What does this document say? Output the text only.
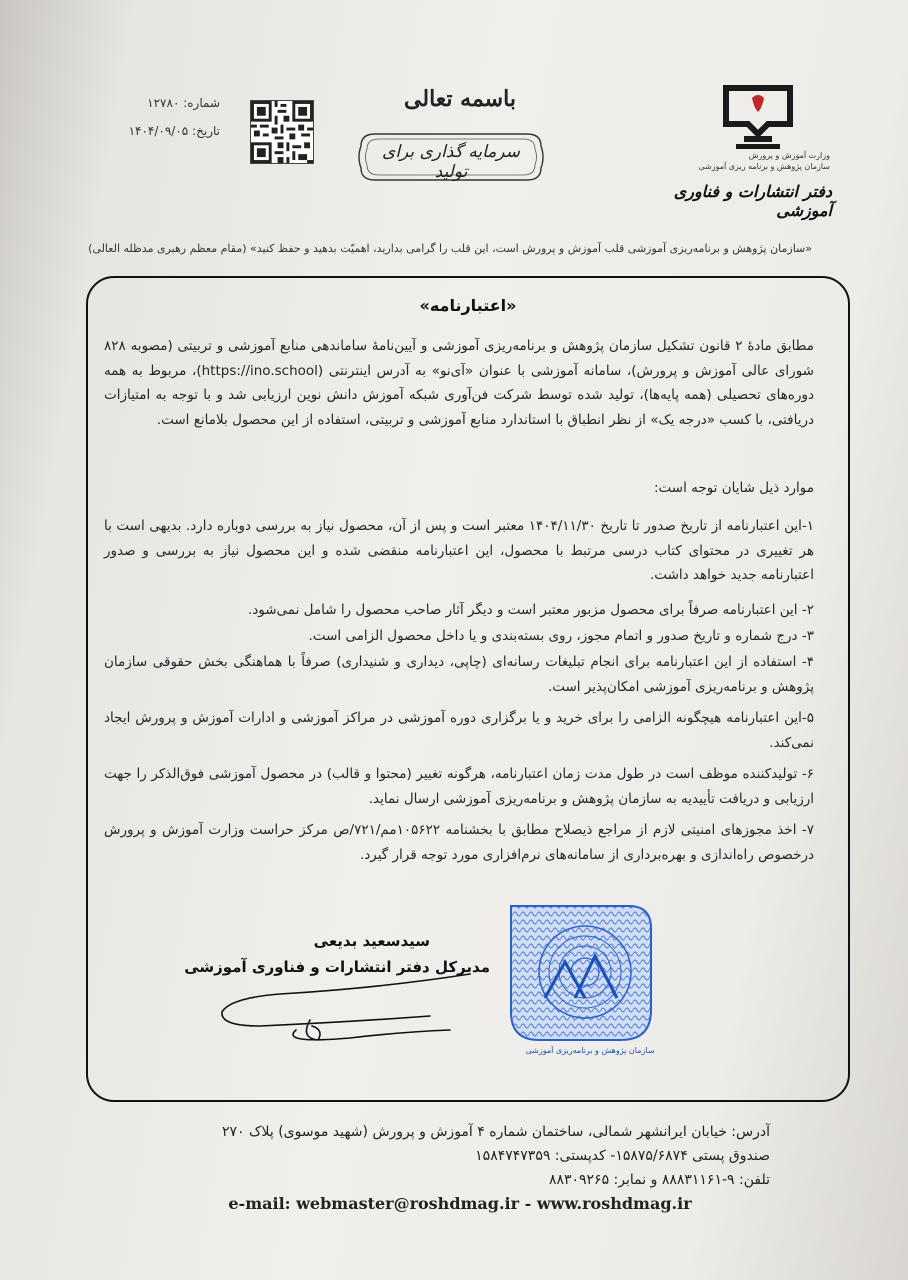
شماره: ۱۲۷۸۰
تاریخ: ۱۴۰۴/۰۹/۰۵
باسمه تعالی
سرمایه گذاری برای تولید
وزارت آموزش و پرورش
سازمان پژوهش و برنامه ریزی آموزشی
دفتر انتشارات و فناوری آموزشی
«سازمان پژوهش و برنامه‌ریزی آموزشی قلب آموزش و پرورش است، این قلب را گرامی بدارید، اهمیّت بدهید و حفظ کنید» (مقام معظم رهبری مدظله العالی)
«اعتبارنامه»
مطابق مادهٔ ۲ قانون تشکیل سازمان پژوهش و برنامه‌ریزی آموزشی و آیین‌نامهٔ ساماندهی منابع آموزشی و تربیتی (مصوبه ۸۲۸ شورای عالی آموزش و پرورش)، سامانه آموزشی با عنوان «آی‌نو» به آدرس اینترنتی (https://ino.school)، مربوط به همه دوره‌های تحصیلی (همه پایه‌ها)، تولید شده توسط شرکت فن‌آوری شبکه آموزش دانش نوین ارزیابی شد و با توجه به امتیازات دریافتی، با کسب «درجه یک» از نظر انطباق با استاندارد منابع آموزشی و تربیتی، استفاده از این محصول بلامانع است.
موارد ذیل شایان توجه است:
۱-این اعتبارنامه از تاریخ صدور تا تاریخ ۱۴۰۴/۱۱/۳۰ معتبر است و پس از آن، محصول نیاز به بررسی دوباره دارد. بدیهی است با هر تغییری در محتوای کتاب درسی مرتبط با محصول، این اعتبارنامه منقضی شده و این محصول نیاز به بررسی و صدور اعتبارنامه جدید خواهد داشت.
۲- این اعتبارنامه صرفاً برای محصول مزبور معتبر است و دیگر آثار صاحب محصول را شامل نمی‌شود.
۳- درج شماره و تاریخ صدور و اتمام مجوز، روی بسته‌بندی و یا داخل محصول الزامی است.
۴- استفاده از این اعتبارنامه برای انجام تبلیغات رسانه‌ای (چاپی، دیداری و شنیداری) صرفاً با هماهنگی بخش حقوقی سازمان پژوهش و برنامه‌ریزی آموزشی امکان‌پذیر است.
۵-این اعتبارنامه هیچگونه الزامی را برای خرید و یا برگزاری دوره آموزشی در مراکز آموزشی و ادارات آموزش و پرورش ایجاد نمی‌کند.
۶- تولیدکننده موظف است در طول مدت زمان اعتبارنامه، هرگونه تغییر (محتوا و قالب) در محصول آموزشی فوق‌الذکر را جهت ارزیابی و دریافت تأییدیه به سازمان پژوهش و برنامه‌ریزی آموزشی ارسال نماید.
۷- اخذ مجوزهای امنیتی لازم از مراجع ذیصلاح مطابق با بخشنامه ۱۰۵۶۲۲مم/۷۲۱/ص مرکز حراست وزارت آموزش و پرورش درخصوص راه‌اندازی و بهره‌برداری از سامانه‌های نرم‌افزاری مورد توجه قرار گیرد.
سازمان پژوهش و برنامه‌ریزی آموزشی
سیدسعید بدیعی
مدیرکل دفتر انتشارات و فناوری آموزشی
آدرس: خیابان ایرانشهر شمالی، ساختمان شماره ۴ آموزش و پرورش (شهید موسوی) پلاک ۲۷۰
صندوق پستی ۱۵۸۷۵/۶۸۷۴- کدپستی: ۱۵۸۴۷۴۷۳۵۹
تلفن: ۹-۸۸۸۳۱۱۶۱ و نمابر: ۸۸۳۰۹۲۶۵
e-mail: webmaster@roshdmag.ir - www.roshdmag.ir
